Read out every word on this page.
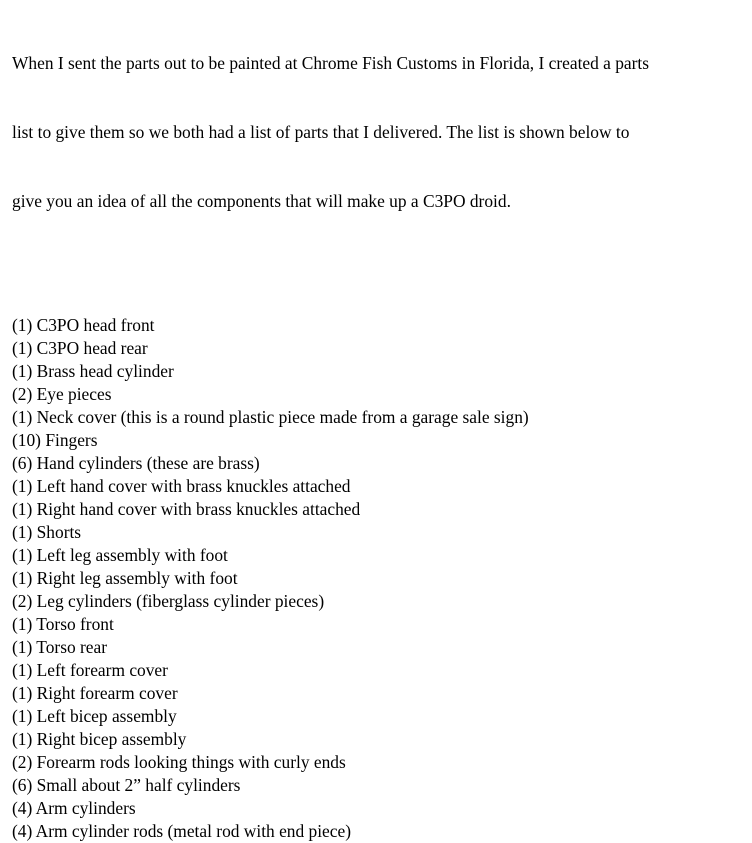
When I sent the parts out to be painted at Chrome Fish Customs in Florida, I created a parts

list to give them so we both had a list of parts that I delivered. The list is shown below to

give you an idea of all the components that will make up a C3PO droid.

(1) C3PO head front
(1) C3PO head rear
(1) Brass head cylinder
(2) Eye pieces
(1) Neck cover (this is a round plastic piece made from a garage sale sign)
(10) Fingers
(6) Hand cylinders (these are brass)
(1) Left hand cover with brass knuckles attached
(1) Right hand cover with brass knuckles attached
(1) Shorts
(1) Left leg assembly with foot
(1) Right leg assembly with foot
(2) Leg cylinders (fiberglass cylinder pieces)
(1) Torso front
(1) Torso rear
(1) Left forearm cover
(1) Right forearm cover
(1) Left bicep assembly
(1) Right bicep assembly
(2) Forearm rods looking things with curly ends
(6) Small about 2” half cylinders
(4) Arm cylinders
(4) Arm cylinder rods (metal rod with end piece)
